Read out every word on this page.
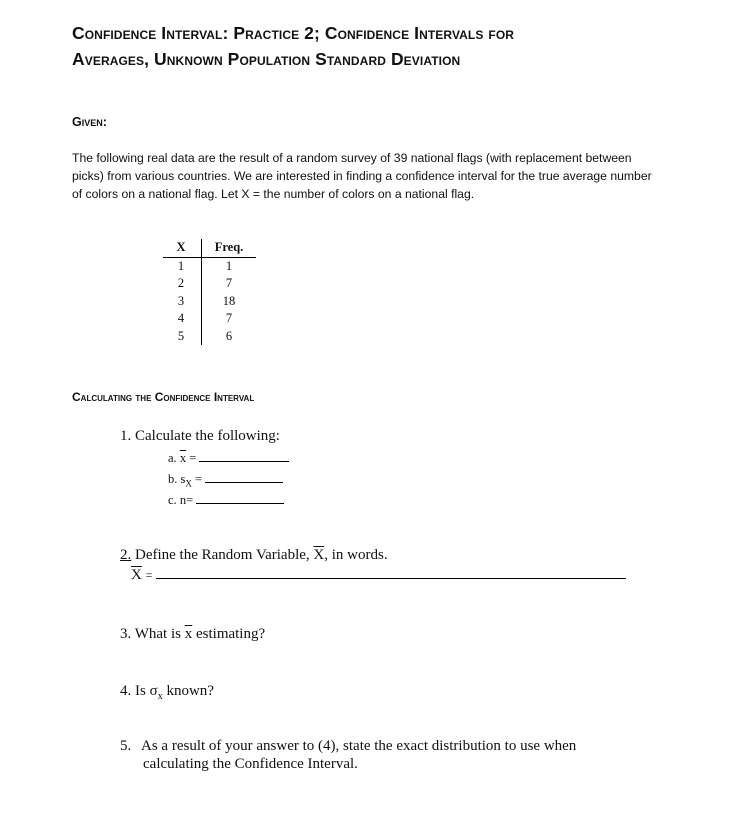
Confidence Interval: Practice 2; Confidence Intervals for
Averages, Unknown Population Standard Deviation
Given:
The following real data are the result of a random survey of 39 national flags (with replacement between picks) from various countries. We are interested in finding a confidence interval for the true average number of colors on a national flag. Let X = the number of colors on a national flag.
X	Freq.
1	1
2	7
3	18
4	7
5	6
Calculating the Confidence Interval
1. Calculate the following:
a. $\overline{x}$ =
b. $s_X$ =
c. n=
2. Define the Random Variable, $\overline{X}$, in words.
$\overline{X}$ =
3. What is $\overline{x}$ estimating?
4. Is $\sigma_x$ known?
5. As a result of your answer to (4), state the exact distribution to use when
calculating the Confidence Interval.
